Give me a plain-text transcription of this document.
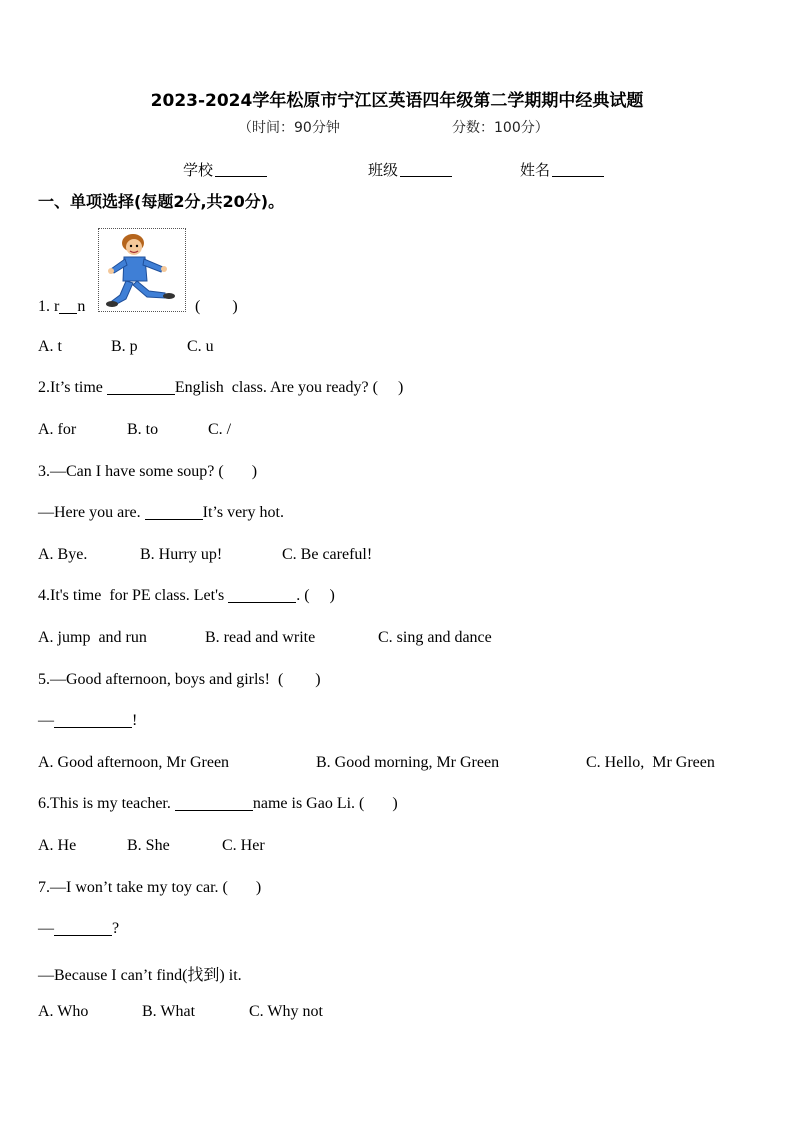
2023-2024学年松原市宁江区英语四年级第二学期期中经典试题
（时间：90分钟	分数：100分）
学校	班级	姓名
一、单项选择(每题2分,共20分)。
1. r n	(        )
A. t	B. p	C. u
2.It’s time	English  class. Are you ready? (     )
A. for	B. to	C. /
3.—Can I have some soup? (       )
—Here you are.	It’s very hot.
A. Bye.	B. Hurry up!	C. Be careful!
4.It's time  for PE class. Let's	. (     )
A. jump  and run	B. read and write	C. sing and dance
5.—Good afternoon, boys and girls!  (        )
—	!
A. Good afternoon, Mr Green	B. Good morning, Mr Green	C. Hello,  Mr Green
6.This is my teacher.	name is Gao Li. (       )
A. He	B. She	C. Her
7.—I won’t take my toy car. (       )
—	?
—Because I can’t find(找到) it.
A. Who	B. What	C. Why not
